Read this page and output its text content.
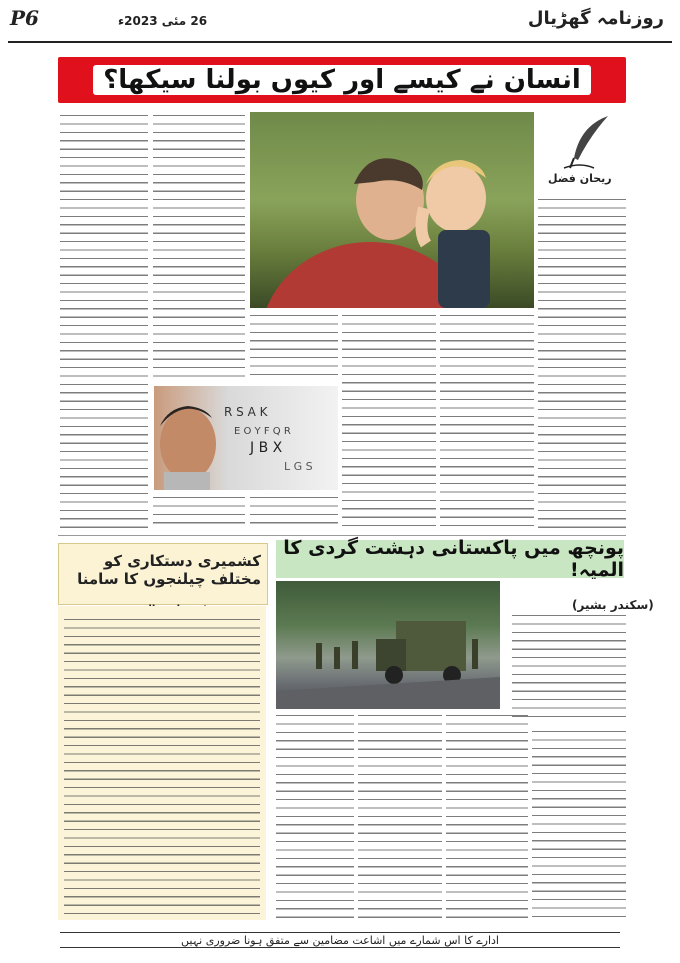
P6	26 مئی 2023ء	روزنامہ گھڑیال
انسان نے کیسے اور کیوں بولنا سیکھا؟
ریحان فضل
R S A K
E O Y F Q R
J B X
L G S
کشمیری دستکاری کو مختلف چیلنجوں کا سامنا
پونچھ میں پاکستانی دہشت گردی کا المیہ!
(سکندر بشیر)
ادارے کا اس شمارے میں اشاعت مضامین سے متفق ہونا ضروری نہیں
